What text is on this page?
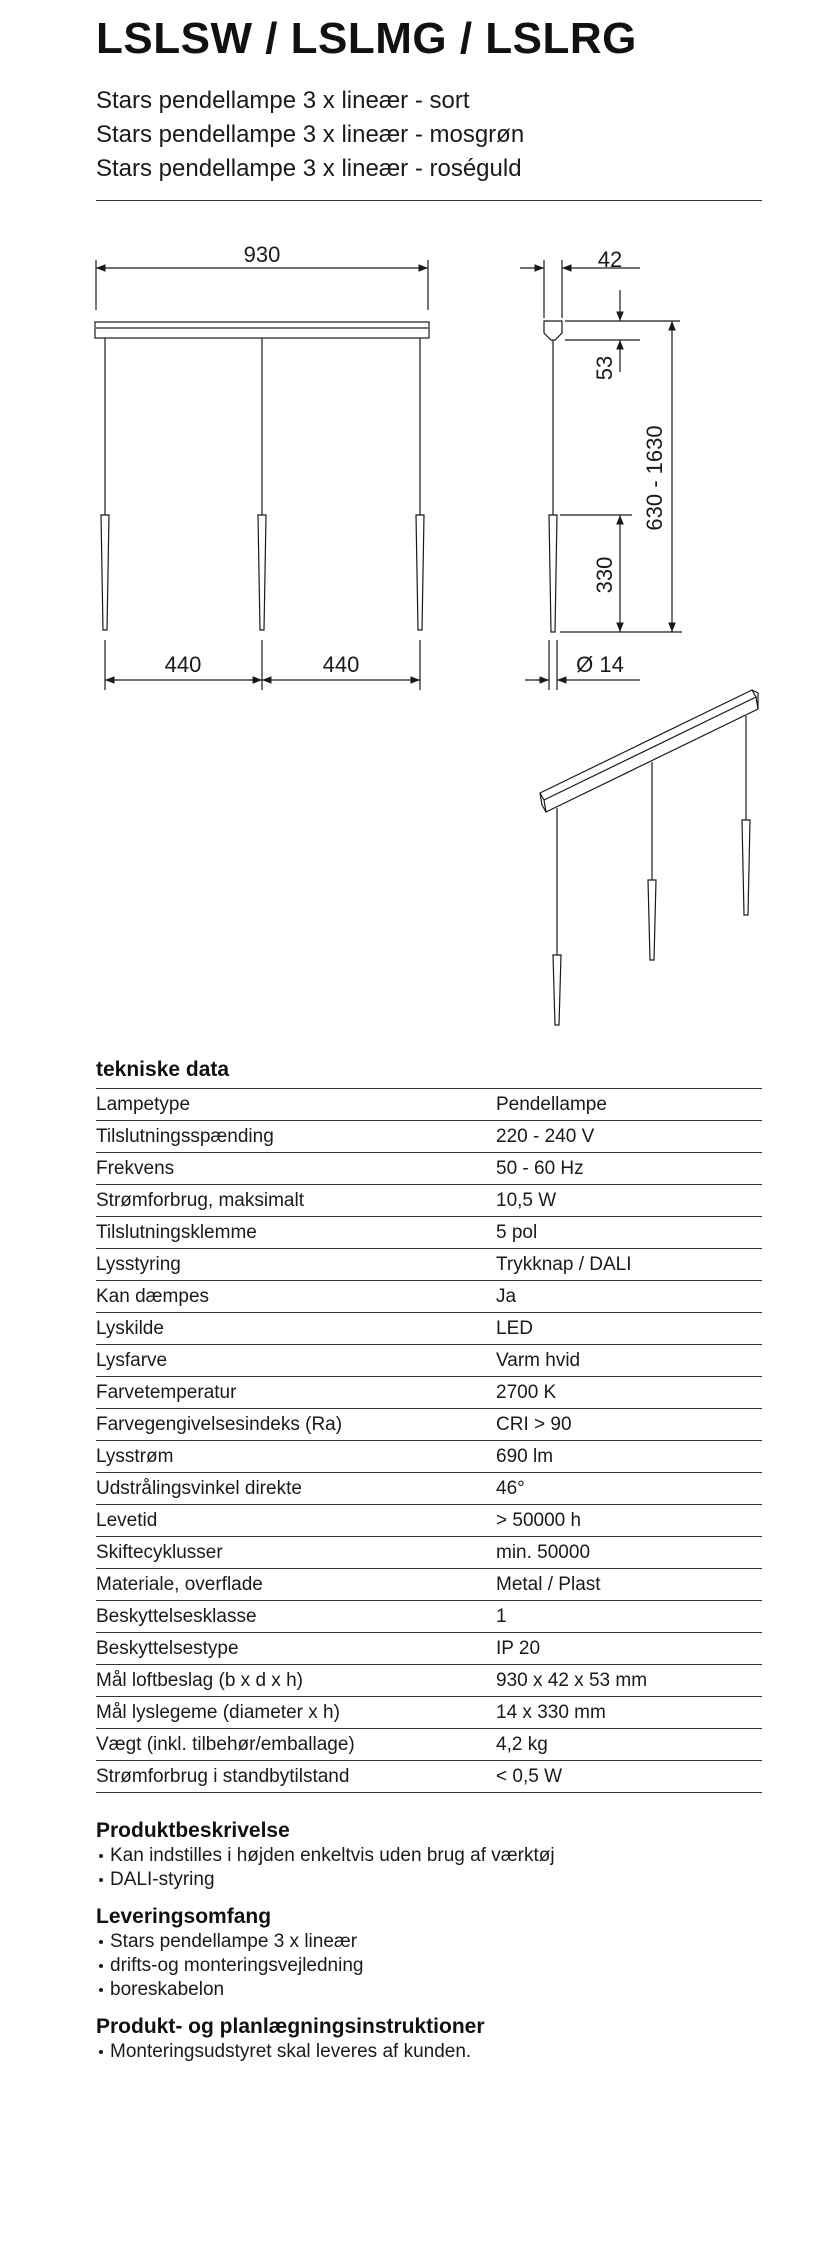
LSLSW / LSLMG / LSLRG
Stars pendellampe 3 x lineær - sort
Stars pendellampe 3 x lineær - mosgrøn
Stars pendellampe 3 x lineær - roséguld
930
440	440
42
53
630 - 1630
330
Ø 14
tekniske data
Lampetype	Pendellampe
Tilslutningsspænding	220 - 240 V
Frekvens	50 - 60 Hz
Strømforbrug, maksimalt	10,5 W
Tilslutningsklemme	5 pol
Lysstyring	Trykknap / DALI
Kan dæmpes	Ja
Lyskilde	LED
Lysfarve	Varm hvid
Farvetemperatur	2700 K
Farvegengivelsesindeks (Ra)	CRI > 90
Lysstrøm	690 lm
Udstrålingsvinkel direkte	46°
Levetid	> 50000 h
Skiftecyklusser	min. 50000
Materiale, overflade	Metal / Plast
Beskyttelsesklasse	1
Beskyttelsestype	IP 20
Mål loftbeslag (b x d x h)	930 x 42 x 53 mm
Mål lyslegeme (diameter x h)	14 x 330 mm
Vægt (inkl. tilbehør/emballage)	4,2 kg
Strømforbrug i standbytilstand	< 0,5 W
Produktbeskrivelse
Kan indstilles i højden enkeltvis uden brug af værktøj
DALI-styring
Leveringsomfang
Stars pendellampe 3 x lineær
drifts-og monteringsvejledning
boreskabelon
Produkt- og planlægningsinstruktioner
Monteringsudstyret skal leveres af kunden.
